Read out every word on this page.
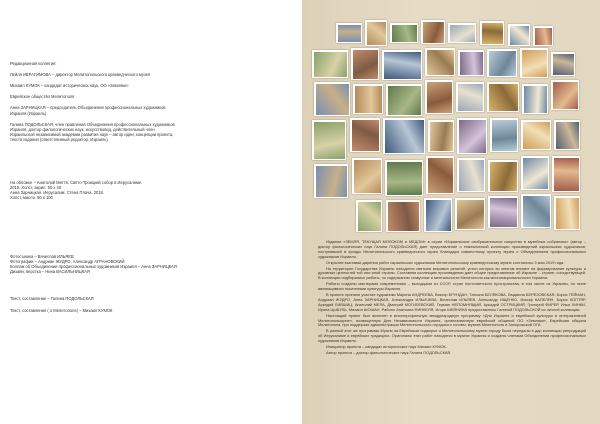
Редакционная коллегия:
Лейля ИБРАГИМОВА – директор Мелитопольского краеведческого музея
Михаил КУМОК – кандидат исторических наук, ОО «Земляки»
Еврейское общество Мелитополя
Анна ЗАРНИЦКАЯ – председатель Объединения профессиональных художников
Израиля (Израиль)
Галина ПОДОЛЬСКАЯ, член правления Объединения профессиональных художников
Израиля, доктор филологических наук, искусствовед, действительный член
Израильской независимой академии развития наук – автор идеи, концепции проекта,
текста издания (ответственный редактор, Израиль)
На обложке – Анатолий Миттв. Свято-Троицкий собор в Иерусалиме.
2019. Холст, акрил. 50 х 40
Анна Зарницкая. Иерусалим. Стена Плача. 2018.
Холст, масло. 50 х 100
Фотосъемка – Вячеслав ИЛЬЯЕВ
Фотографии – Андриан ЖУДРО, Александр АГРАНОВСКИЙ
Коллаж об Объединении профессиональных художников Израиля – Анна ЗАРНИЦКАЯ
Дизайн, верстка – Нина ВАСИЛЬНИЦКАЯ
Текст, составление – Галина ПОДОЛЬСКАЯ
Текст, составление ( о Мелитополе) – Михаил КУМОК

Издание «ЗЕМЛЯ, ТЕКУЩАЯ МОЛОКОМ и МЕДОМ» в серии «Израильское изобразительное искусство в музейных собраниях» (автор – доктор филологических наук Галина ПОДОЛЬСКАЯ) дает представление о тематической коллекции произведений израильских художников, поступившей в фонды Мелитопольского краеведческого музея благодаря совместному проекту музея с Объединением профессиональных художников Израиля.

Открытие выставки-дарения работ израильских художников Мелитопольскому краеведческому музею состоялось 3 мая 2019 года.

На территории Государства Израиль находятся святыни мировых религий, устои которых во многом влияют на формирование культуры и духовных ценностей той или иной страны. Составляя коллекцию произведения дает общее представление об Израиле – стране, соседствующей. В коллекции подбирались работы, по содержанию созвучные и ментальности Мелитополя как многонациональности Украины.

Работы созданы мастерами современники – выходцами из СССР, стран постсоветского пространства, в том числе из Украины, но ныне являющимися носителями культуры Израиля.

В проекте приняли участие художники Марина АНДРЕЕВА, Виктор БРУНДАН, Татьяна БЕЛЯКОВА, Людмила БЕРЕЗОВСКАЯ, Борис ГЕЙМАН, Андриан ЖУДРО, Анна ЗАРНИЦКАЯ, Александра ИЛЬИЧЕВА, Вячеслав ИЛЬЯЕВ, Александр ИЩЕНКО, Иосиф КАПЕЛЯН, Борис КОПТЯР, Аркадий ЛИВШИЦ, Анатолий МЕЛА, Дмитрий МОГИЛЕВСКИЙ, Герман НЕПОМНЯЩИЙ, Аркадий ОСТРИЦКИЙ, Григорий ФИРЕР, Илья ХИНКИ, Ирина ЦЫБУЛЬ, Михаил ШОШАН. Работы Анатолия ФИНКЕЛЯ, Игоря ШЕЙНИНА предоставлены Галиной ПОДОЛЬСКОЙ из личной коллекции.

Настоящий проект был включен в многопрофильную международную программу «Дни Израиля и еврейской культуры в интерактивной Мелитопольщине», посвященную Дню Независимости Израиля, организованную еврейской общиной ОО «Земляки», Еврейская община Мелитополя, при поддержке администрации Мелитопольского городского головы, музеев Мелитополя и Запорожской ОГА.

В разный этот же программы Музею на Еврейском подворье и Мелитопольскому музею городу были переданы в дар коллекции репродукций об Иерусалиме и еврейских традициях. Оригиналы этих работ находятся в музеях Украины и созданы членами Объединения профессиональных художников Израиля.

Инициатор проекта – кандидат исторических наук Михаил КУМОК.

Автор проекта – доктор филологических наук Галина ПОДОЛЬСКАЯ.
